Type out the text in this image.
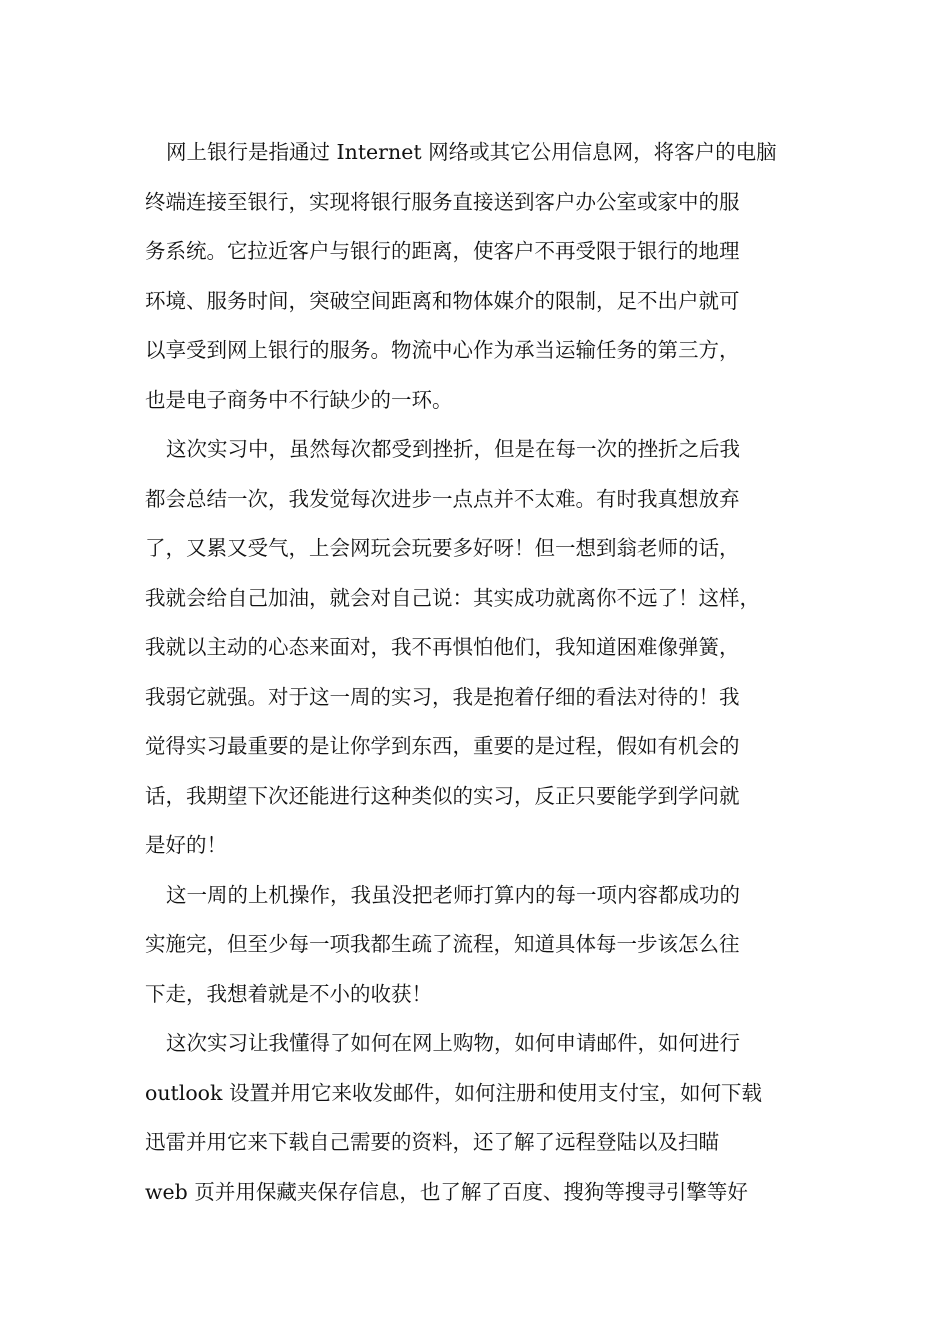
网上银行是指通过 Internet 网络或其它公用信息网，将客户的电脑
终端连接至银行，实现将银行服务直接送到客户办公室或家中的服
务系统。它拉近客户与银行的距离，使客户不再受限于银行的地理
环境、服务时间，突破空间距离和物体媒介的限制，足不出户就可
以享受到网上银行的服务。物流中心作为承当运输任务的第三方，
也是电子商务中不行缺少的一环。
这次实习中，虽然每次都受到挫折，但是在每一次的挫折之后我
都会总结一次，我发觉每次进步一点点并不太难。有时我真想放弃
了，又累又受气，上会网玩会玩要多好呀！但一想到翁老师的话，
我就会给自己加油，就会对自己说：其实成功就离你不远了！这样，
我就以主动的心态来面对，我不再惧怕他们，我知道困难像弹簧，
我弱它就强。对于这一周的实习，我是抱着仔细的看法对待的！我
觉得实习最重要的是让你学到东西，重要的是过程，假如有机会的
话，我期望下次还能进行这种类似的实习，反正只要能学到学问就
是好的！
这一周的上机操作，我虽没把老师打算内的每一项内容都成功的
实施完，但至少每一项我都生疏了流程，知道具体每一步该怎么往
下走，我想着就是不小的收获！
这次实习让我懂得了如何在网上购物，如何申请邮件，如何进行
outlook 设置并用它来收发邮件，如何注册和使用支付宝，如何下载
迅雷并用它来下载自己需要的资料，还了解了远程登陆以及扫瞄
web 页并用保藏夹保存信息，也了解了百度、搜狗等搜寻引擎等好
